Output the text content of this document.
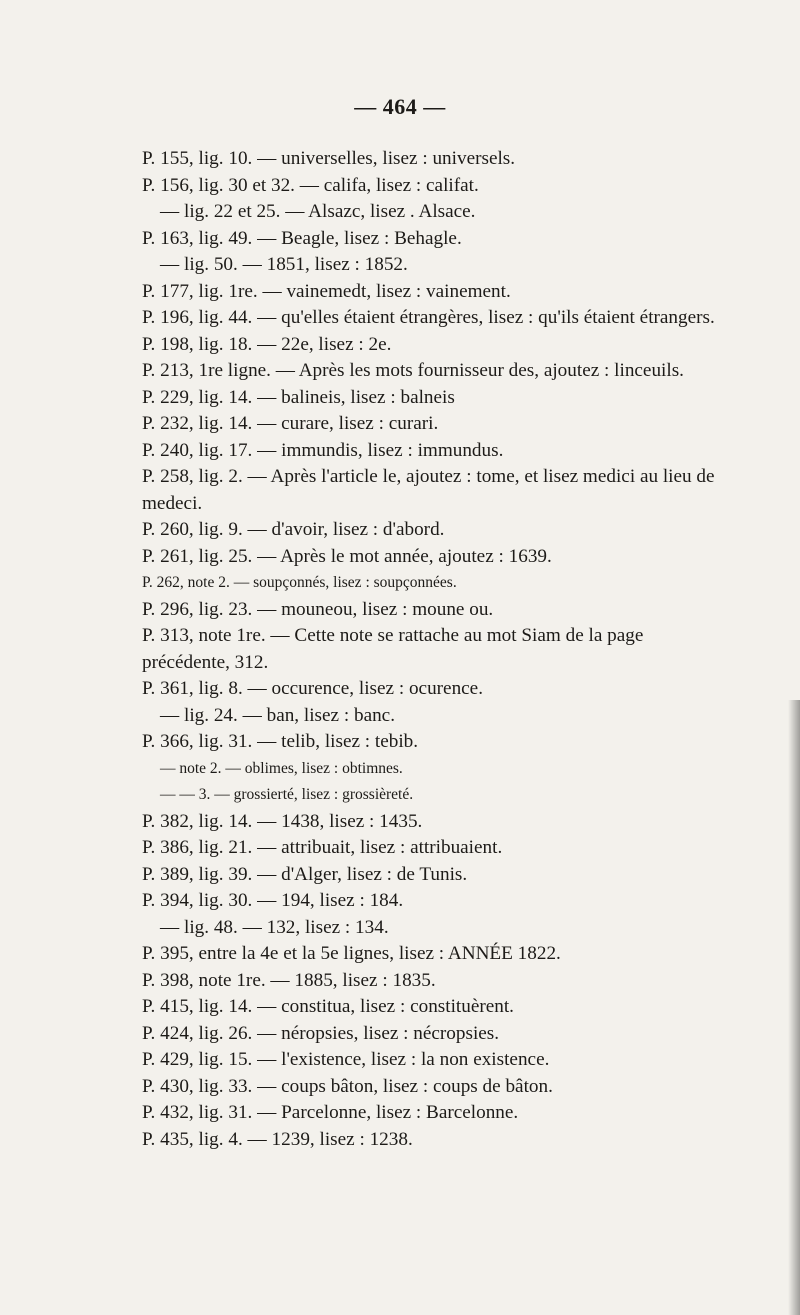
— 464 —
P. 155, lig. 10. — universelles, lisez : universels.
P. 156, lig. 30 et 32. — califa, lisez : califat.
— lig. 22 et 25. — Alsazc, lisez . Alsace.
P. 163, lig. 49. — Beagle, lisez : Behagle.
— lig. 50. — 1851, lisez : 1852.
P. 177, lig. 1re. — vainemedt, lisez : vainement.
P. 196, lig. 44. — qu'elles étaient étrangères, lisez : qu'ils étaient étrangers.
P. 198, lig. 18. — 22e, lisez : 2e.
P. 213, 1re ligne. — Après les mots fournisseur des, ajoutez : linceuils.
P. 229, lig. 14. — balineis, lisez : balneis
P. 232, lig. 14. — curare, lisez : curari.
P. 240, lig. 17. — immundis, lisez : immundus.
P. 258, lig. 2. — Après l'article le, ajoutez : tome, et lisez medici au lieu de medeci.
P. 260, lig. 9. — d'avoir, lisez : d'abord.
P. 261, lig. 25. — Après le mot année, ajoutez : 1639.
P. 262, note 2. — soupçonnés, lisez : soupçonnées.
P. 296, lig. 23. — mouneou, lisez : moune ou.
P. 313, note 1re. — Cette note se rattache au mot Siam de la page précédente, 312.
P. 361, lig. 8. — occurence, lisez : ocurence.
— lig. 24. — ban, lisez : banc.
P. 366, lig. 31. — telib, lisez : tebib.
— note 2. — oblimes, lisez : obtimnes.
— — 3. — grossierté, lisez : grossièreté.
P. 382, lig. 14. — 1438, lisez : 1435.
P. 386, lig. 21. — attribuait, lisez : attribuaient.
P. 389, lig. 39. — d'Alger, lisez : de Tunis.
P. 394, lig. 30. — 194, lisez : 184.
— lig. 48. — 132, lisez : 134.
P. 395, entre la 4e et la 5e lignes, lisez : ANNÉE 1822.
P. 398, note 1re. — 1885, lisez : 1835.
P. 415, lig. 14. — constitua, lisez : constituèrent.
P. 424, lig. 26. — néropsies, lisez : nécropsies.
P. 429, lig. 15. — l'existence, lisez : la non existence.
P. 430, lig. 33. — coups bâton, lisez : coups de bâton.
P. 432, lig. 31. — Parcelonne, lisez : Barcelonne.
P. 435, lig. 4. — 1239, lisez : 1238.
